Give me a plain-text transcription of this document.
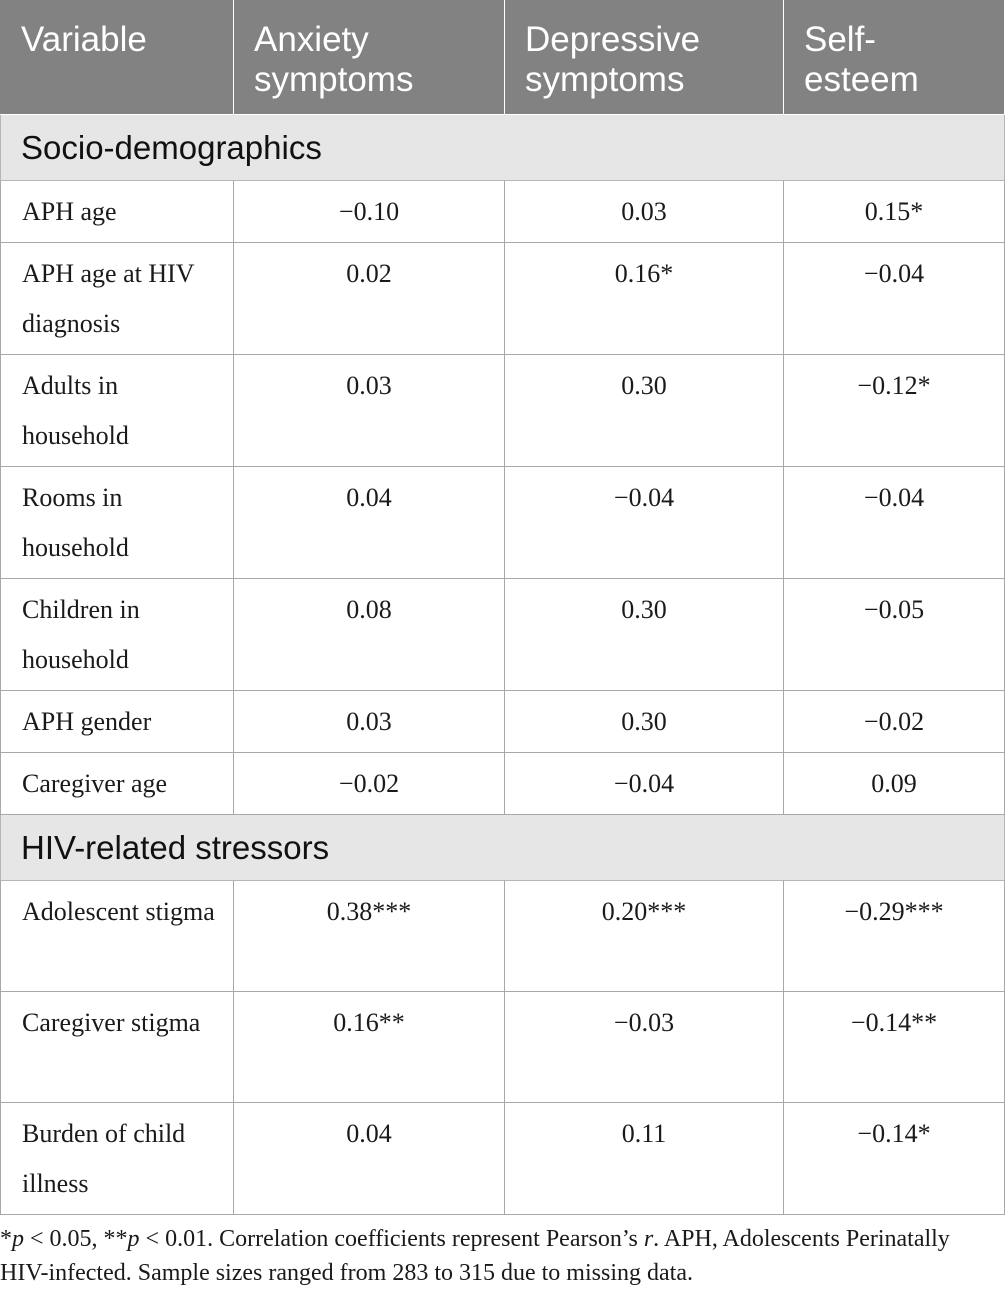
Variable	Anxiety symptoms	Depressive symptoms	Self-esteem
Socio-demographics			
APH age	−0.10	0.03	0.15*
APH age at HIV diagnosis	0.02	0.16*	−0.04
Adults in household	0.03	0.30	−0.12*
Rooms in household	0.04	−0.04	−0.04
Children in household	0.08	0.30	−0.05
APH gender	0.03	0.30	−0.02
Caregiver age	−0.02	−0.04	0.09
HIV-related stressors			
Adolescent stigma	0.38***	0.20***	−0.29***
Caregiver stigma	0.16**	−0.03	−0.14**
Burden of child illness	0.04	0.11	−0.14*
*p < 0.05, **p < 0.01. Correlation coefficients represent Pearson’s r. APH, Adolescents Perinatally HIV-infected. Sample sizes ranged from 283 to 315 due to missing data.
